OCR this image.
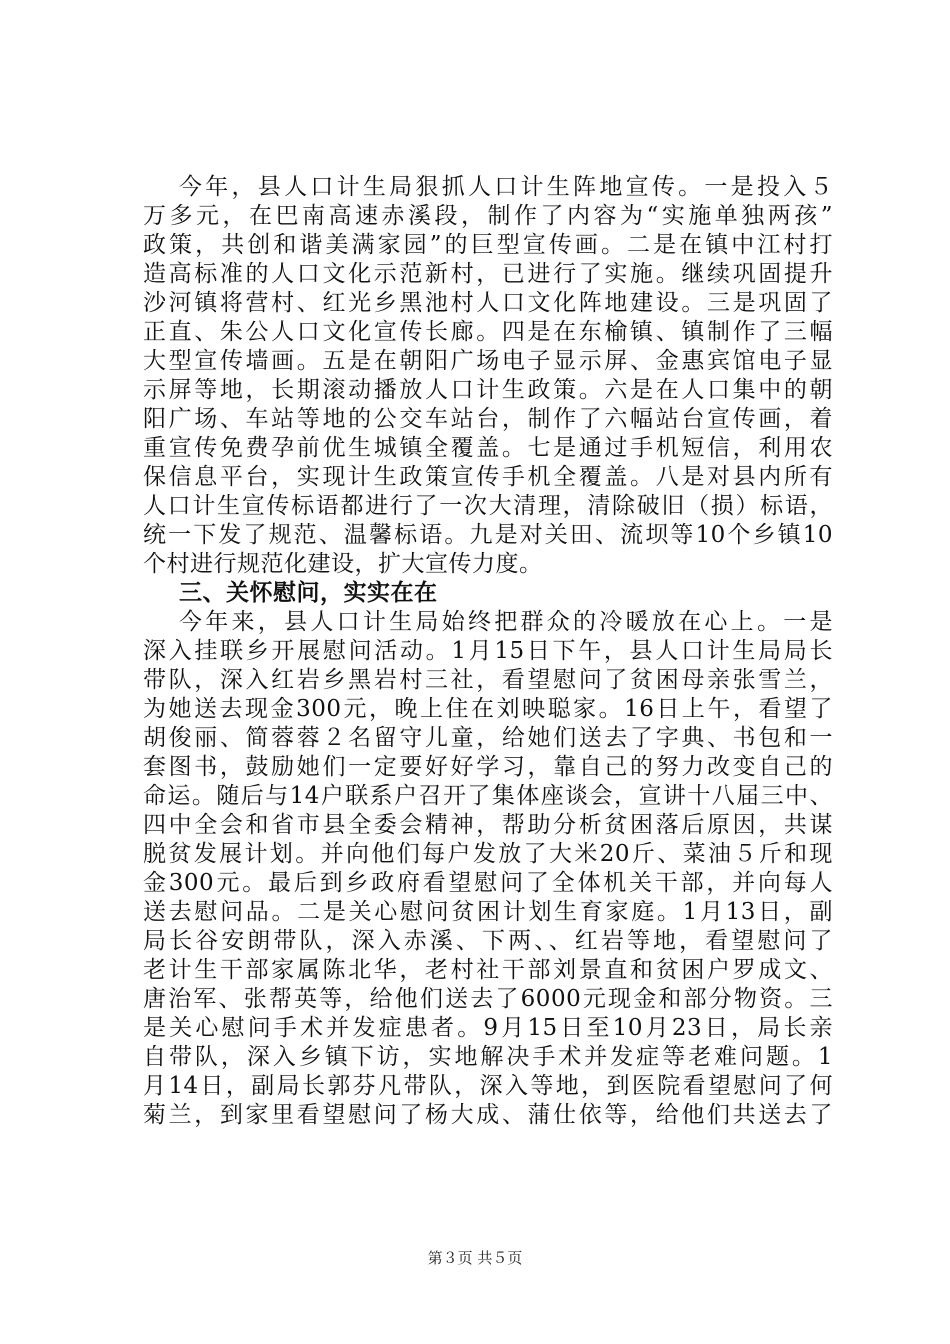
今年，县人口计生局狠抓人口计生阵地宣传。一是投入５
万多元，在巴南高速赤溪段，制作了内容为“实施单独两孩”
政策，共创和谐美满家园”的巨型宣传画。二是在镇中江村打
造高标准的人口文化示范新村，已进行了实施。继续巩固提升
沙河镇将营村、红光乡黑池村人口文化阵地建设。三是巩固了
正直、朱公人口文化宣传长廊。四是在东榆镇、镇制作了三幅
大型宣传墙画。五是在朝阳广场电子显示屏、金惠宾馆电子显
示屏等地，长期滚动播放人口计生政策。六是在人口集中的朝
阳广场、车站等地的公交车站台，制作了六幅站台宣传画，着
重宣传免费孕前优生城镇全覆盖。七是通过手机短信，利用农
保信息平台，实现计生政策宣传手机全覆盖。八是对县内所有
人口计生宣传标语都进行了一次大清理，清除破旧（损）标语，
统一下发了规范、温馨标语。九是对关田、流坝等10个乡镇10
个村进行规范化建设，扩大宣传力度。
三、关怀慰问，实实在在
今年来，县人口计生局始终把群众的冷暖放在心上。一是
深入挂联乡开展慰问活动。1月15日下午，县人口计生局局长
带队，深入红岩乡黑岩村三社，看望慰问了贫困母亲张雪兰，
为她送去现金300元，晚上住在刘映聪家。16日上午，看望了
胡俊丽、简蓉蓉２名留守儿童，给她们送去了字典、书包和一
套图书，鼓励她们一定要好好学习，靠自己的努力改变自己的
命运。随后与14户联系户召开了集体座谈会，宣讲十八届三中、
四中全会和省市县全委会精神，帮助分析贫困落后原因，共谋
脱贫发展计划。并向他们每户发放了大米20斤、菜油５斤和现
金300元。最后到乡政府看望慰问了全体机关干部，并向每人
送去慰问品。二是关心慰问贫困计划生育家庭。1月13日，副
局长谷安朗带队，深入赤溪、下两、、红岩等地，看望慰问了
老计生干部家属陈北华，老村社干部刘景直和贫困户罗成文、
唐治军、张帮英等，给他们送去了6000元现金和部分物资。三
是关心慰问手术并发症患者。9月15日至10月23日，局长亲
自带队，深入乡镇下访，实地解决手术并发症等老难问题。1
月14日，副局长郭芬凡带队，深入等地，到医院看望慰问了何
菊兰，到家里看望慰问了杨大成、蒲仕依等，给他们共送去了
第３页 共５页
